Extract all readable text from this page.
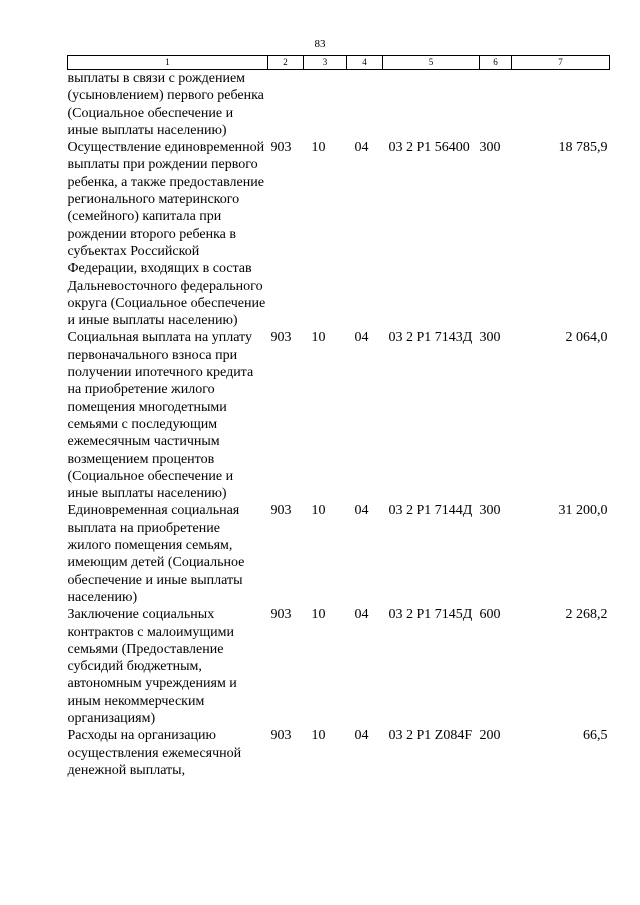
83
1	2	3	4	5	6	7
выплаты в связи с рождением (усыновлением) первого ребенка (Социальное обеспечение и иные выплаты населению)						
Осуществление единовременной выплаты при рождении первого ребенка, а также предоставление регионального материнского (семейного) капитала при рождении второго ребенка в субъектах Российской Федерации, входящих в состав Дальневосточного федерального округа (Социальное обеспечение и иные выплаты населению)	903	10	04	03 2 P1 56400	300	18 785,9
Социальная выплата на уплату первоначального взноса при получении ипотечного кредита на приобретение жилого помещения многодетными семьями с последующим ежемесячным частичным возмещением процентов (Социальное обеспечение и иные выплаты населению)	903	10	04	03 2 P1 7143Д	300	2 064,0
Единовременная социальная выплата на приобретение жилого помещения семьям, имеющим детей (Социальное обеспечение и иные выплаты населению)	903	10	04	03 2 P1 7144Д	300	31 200,0
Заключение социальных контрактов с малоимущими семьями (Предоставление субсидий бюджетным, автономным учреждениям и иным некоммерческим организациям)	903	10	04	03 2 P1 7145Д	600	2 268,2
Расходы на организацию осуществления ежемесячной денежной выплаты,	903	10	04	03 2 P1 Z084F	200	66,5
